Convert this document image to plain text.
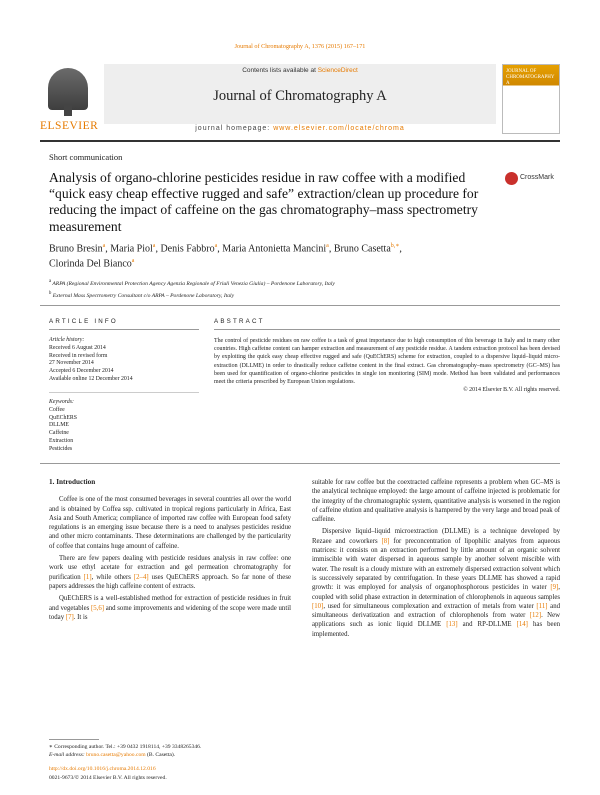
Journal of Chromatography A, 1376 (2015) 167–171
ELSEVIER
Contents lists available at ScienceDirect
Journal of Chromatography A
journal homepage: www.elsevier.com/locate/chroma
JOURNAL OF CHROMATOGRAPHY A
Short communication
Analysis of organo-chlorine pesticides residue in raw coffee with a modified “quick easy cheap effective rugged and safe” extraction/clean up procedure for reducing the impact of caffeine on the gas chromatography–mass spectrometry measurement
CrossMark
Bruno Bresin$^a$, Maria Piol$^a$, Denis Fabbro$^a$, Maria Antonietta Mancini$^a$, Bruno Casetta$^{b,∗}$,
Clorinda Del Bianco$^a$
$^a$ ARPA (Regional Environmental Protection Agency Agenzia Regionale of Friuli Venezia Giulia) – Pordenone Laboratory, Italy
$^b$ External Mass Spectrometry Consultant c/o ARPA – Pordenone Laboratory, Italy
ARTICLE INFO	ABSTRACT
Article history:
Received 6 August 2014
Received in revised form
27 November 2014
Accepted 6 December 2014
Available online 12 December 2014
Keywords:
Coffee
QuEChERS
DLLME
Caffeine
Extraction
Pesticides
The control of pesticide residues on raw coffee is a task of great importance due to high consumption of this beverage in Italy and in many other countries. High caffeine content can hamper extraction and measurement of any pesticide residue. A tandem extraction protocol has been devised by exploiting the quick easy cheap effective rugged and safe (QuEChERS) scheme for extraction, coupled to a dispersive liquid–liquid micro-extraction (DLLME) in order to drastically reduce caffeine content in the final extract. Gas chromatography–mass spectrometry (GC–MS) has been used for quantification of organo-chlorine pesticides in single ion monitoring (SIM) mode. Method has been validated and performances meet the criteria prescribed by European Union regulations.
© 2014 Elsevier B.V. All rights reserved.
1. Introduction

Coffee is one of the most consumed beverages in several countries all over the world and is obtained by Coffea ssp. cultivated in tropical regions particularly in Africa, East Asia and South America; compliance of imported raw coffee with European food safety regulations is an emerging issue because there is a need to analyses pesticides residue and other micro contaminants. These determinations are challenged by the particularity of coffee that contains huge amount of caffeine.

There are few papers dealing with pesticide residues analysis in raw coffee: one work use ethyl acetate for extraction and gel permeation chromatography for purification [1], while others [2–4] uses QuEChERS approach. So far none of these papers addresses the high caffeine content of extracts.

QuEChERS is a well-established method for extraction of pesticide residues in fruit and vegetables [5,6] and some improvements and widening of the scope were made until today [7]. It is

suitable for raw coffee but the coextracted caffeine represents a problem when GC–MS is the analytical technique employed: the large amount of caffeine injected is problematic for the integrity of the chromatographic system, quantitative analysis is worsened in the region of caffeine elution and qualitative analysis is hampered by the very large and broad peak of caffeine.

Dispersive liquid–liquid microextraction (DLLME) is a technique developed by Rezaee and coworkers [8] for preconcentration of lipophilic analytes from aqueous matrices: it consists on an extraction performed by little amount of an organic solvent immiscible with water dispersed in aqueous sample by another solvent miscible with water. The result is a cloudy mixture with an extremely dispersed extraction solvent which is successively separated by centrifugation. In these years DLLME has showed a rapid growth: it was employed for analysis of organophosphorous pesticides in water [9], coupled with solid phase extraction in determination of chlorophenols in aqueous samples [10], used for simultaneous complexation and extraction of metals from water [11] and simultaneous derivatization and extraction of chlorophenols from water [12]. New applications such as ionic liquid DLLME [13] and RP-DLLME [14] has been implemented.

∗ Corresponding author. Tel.: +39 0432 1918114, +39 3348265346.
E-mail address: bruno.casetta@yahoo.com (B. Casetta).
http://dx.doi.org/10.1016/j.chroma.2014.12.016
0021-9673/© 2014 Elsevier B.V. All rights reserved.
